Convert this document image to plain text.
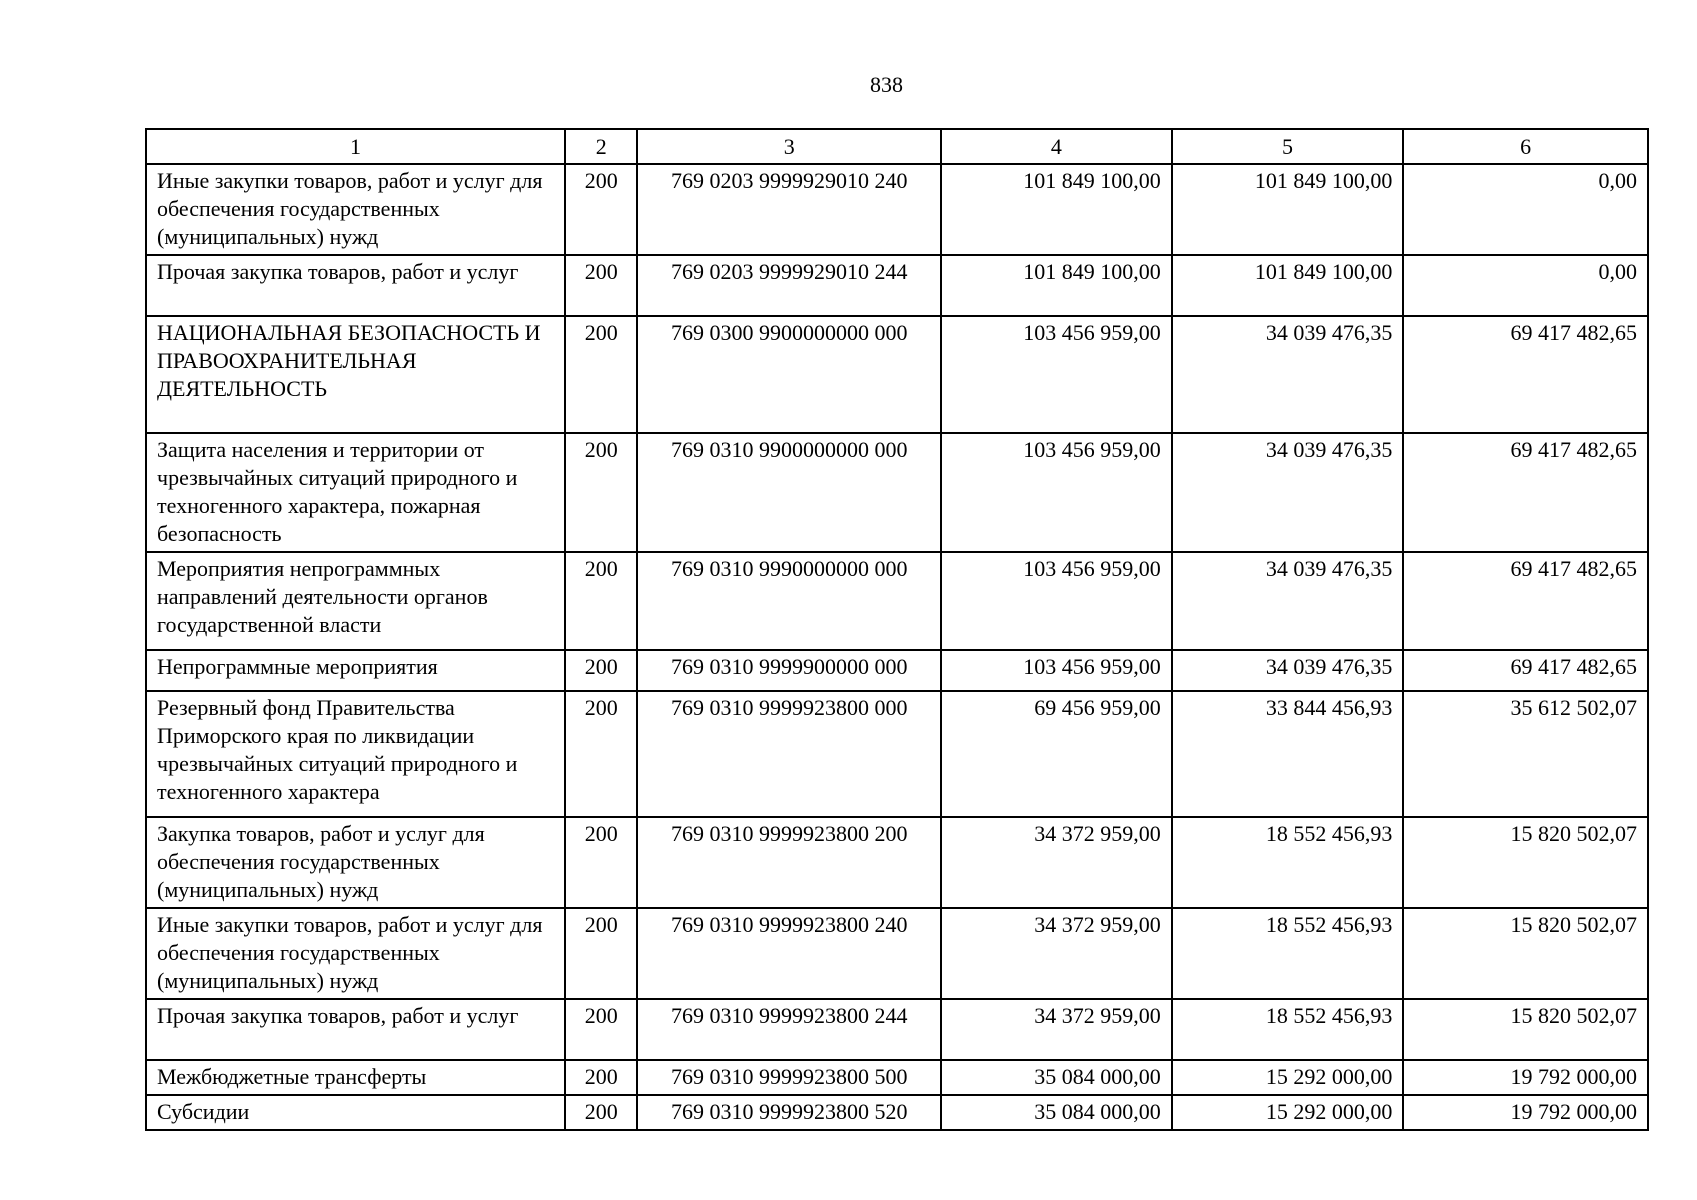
838
1	2	3	4	5	6
Иные закупки товаров, работ и услуг для обеспечения государственных (муниципальных) нужд	200	769 0203 9999929010 240	101 849 100,00	101 849 100,00	0,00
Прочая закупка товаров, работ и услуг	200	769 0203 9999929010 244	101 849 100,00	101 849 100,00	0,00
НАЦИОНАЛЬНАЯ БЕЗОПАСНОСТЬ И ПРАВООХРАНИТЕЛЬНАЯ ДЕЯТЕЛЬНОСТЬ	200	769 0300 9900000000 000	103 456 959,00	34 039 476,35	69 417 482,65
Защита населения и территории от чрезвычайных ситуаций природного и техногенного характера, пожарная безопасность	200	769 0310 9900000000 000	103 456 959,00	34 039 476,35	69 417 482,65
Мероприятия непрограммных направлений деятельности органов государственной власти	200	769 0310 9990000000 000	103 456 959,00	34 039 476,35	69 417 482,65
Непрограммные мероприятия	200	769 0310 9999900000 000	103 456 959,00	34 039 476,35	69 417 482,65
Резервный фонд Правительства Приморского края по ликвидации чрезвычайных ситуаций природного и техногенного характера	200	769 0310 9999923800 000	69 456 959,00	33 844 456,93	35 612 502,07
Закупка товаров, работ и услуг для обеспечения государственных (муниципальных) нужд	200	769 0310 9999923800 200	34 372 959,00	18 552 456,93	15 820 502,07
Иные закупки товаров, работ и услуг для обеспечения государственных (муниципальных) нужд	200	769 0310 9999923800 240	34 372 959,00	18 552 456,93	15 820 502,07
Прочая закупка товаров, работ и услуг	200	769 0310 9999923800 244	34 372 959,00	18 552 456,93	15 820 502,07
Межбюджетные трансферты	200	769 0310 9999923800 500	35 084 000,00	15 292 000,00	19 792 000,00
Субсидии	200	769 0310 9999923800 520	35 084 000,00	15 292 000,00	19 792 000,00
